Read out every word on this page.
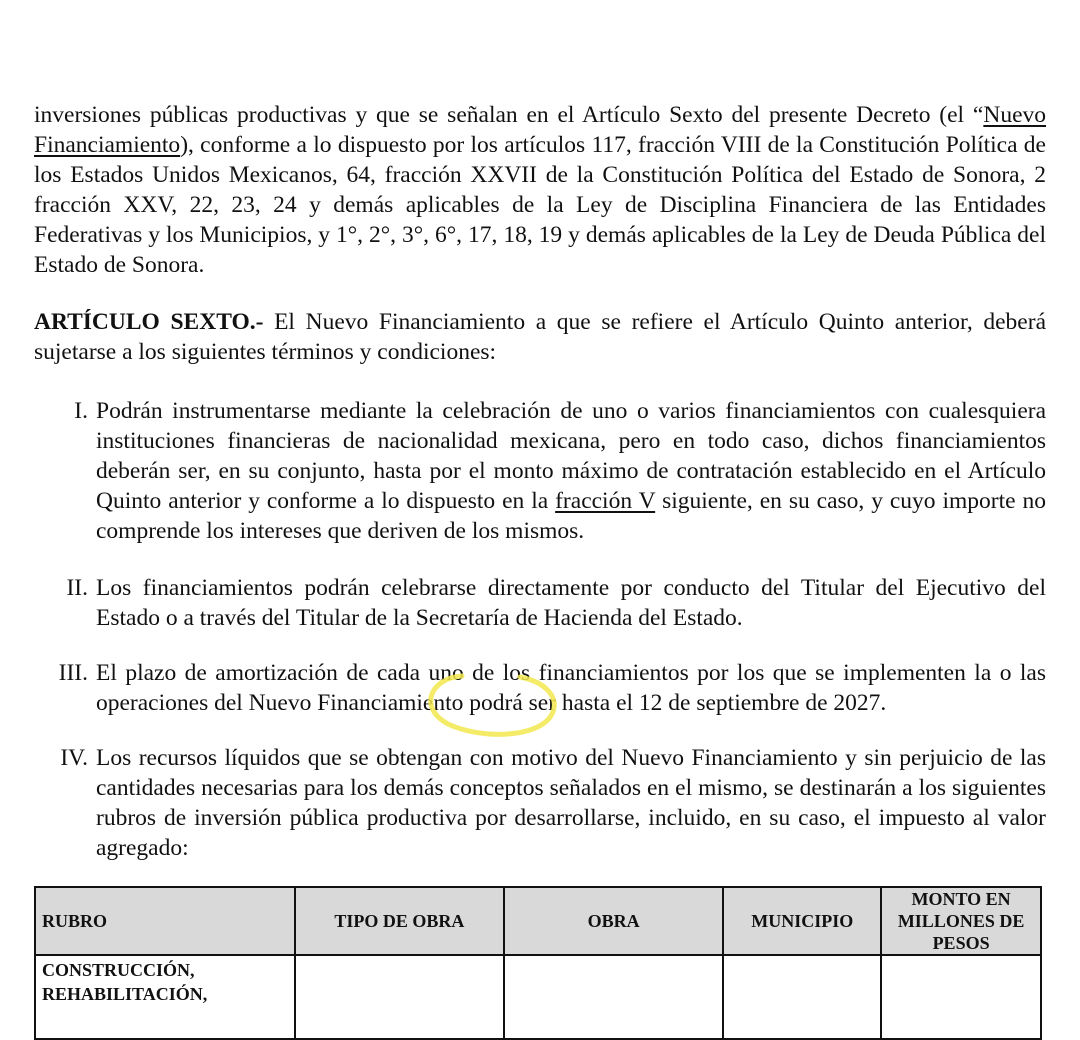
inversiones públicas productivas y que se señalan en el Artículo Sexto del presente Decreto (el “Nuevo Financiamiento), conforme a lo dispuesto por los artículos 117, fracción VIII de la Constitución Política de los Estados Unidos Mexicanos, 64, fracción XXVII de la Constitución Política del Estado de Sonora, 2 fracción XXV, 22, 23, 24 y demás aplicables de la Ley de Disciplina Financiera de las Entidades Federativas y los Municipios, y 1°, 2°, 3°, 6°, 17, 18, 19 y demás aplicables de la Ley de Deuda Pública del Estado de Sonora.

ARTÍCULO SEXTO.- El Nuevo Financiamiento a que se refiere el Artículo Quinto anterior, deberá sujetarse a los siguientes términos y condiciones:

I. Podrán instrumentarse mediante la celebración de uno o varios financiamientos con cualesquiera instituciones financieras de nacionalidad mexicana, pero en todo caso, dichos financiamientos deberán ser, en su conjunto, hasta por el monto máximo de contratación establecido en el Artículo Quinto anterior y conforme a lo dispuesto en la fracción V siguiente, en su caso, y cuyo importe no comprende los intereses que deriven de los mismos.
II. Los financiamientos podrán celebrarse directamente por conducto del Titular del Ejecutivo del Estado o a través del Titular de la Secretaría de Hacienda del Estado.
III. El plazo de amortización de cada uno de los financiamientos por los que se implementen la o las operaciones del Nuevo Financiamiento podrá ser hasta el 12 de septiembre de 2027.
IV. Los recursos líquidos que se obtengan con motivo del Nuevo Financiamiento y sin perjuicio de las cantidades necesarias para los demás conceptos señalados en el mismo, se destinarán a los siguientes rubros de inversión pública productiva por desarrollarse, incluido, en su caso, el impuesto al valor agregado:
RUBRO	TIPO DE OBRA	OBRA	MUNICIPIO	MONTO EN MILLONES DE PESOS
CONSTRUCCIÓN, REHABILITACIÓN,				
